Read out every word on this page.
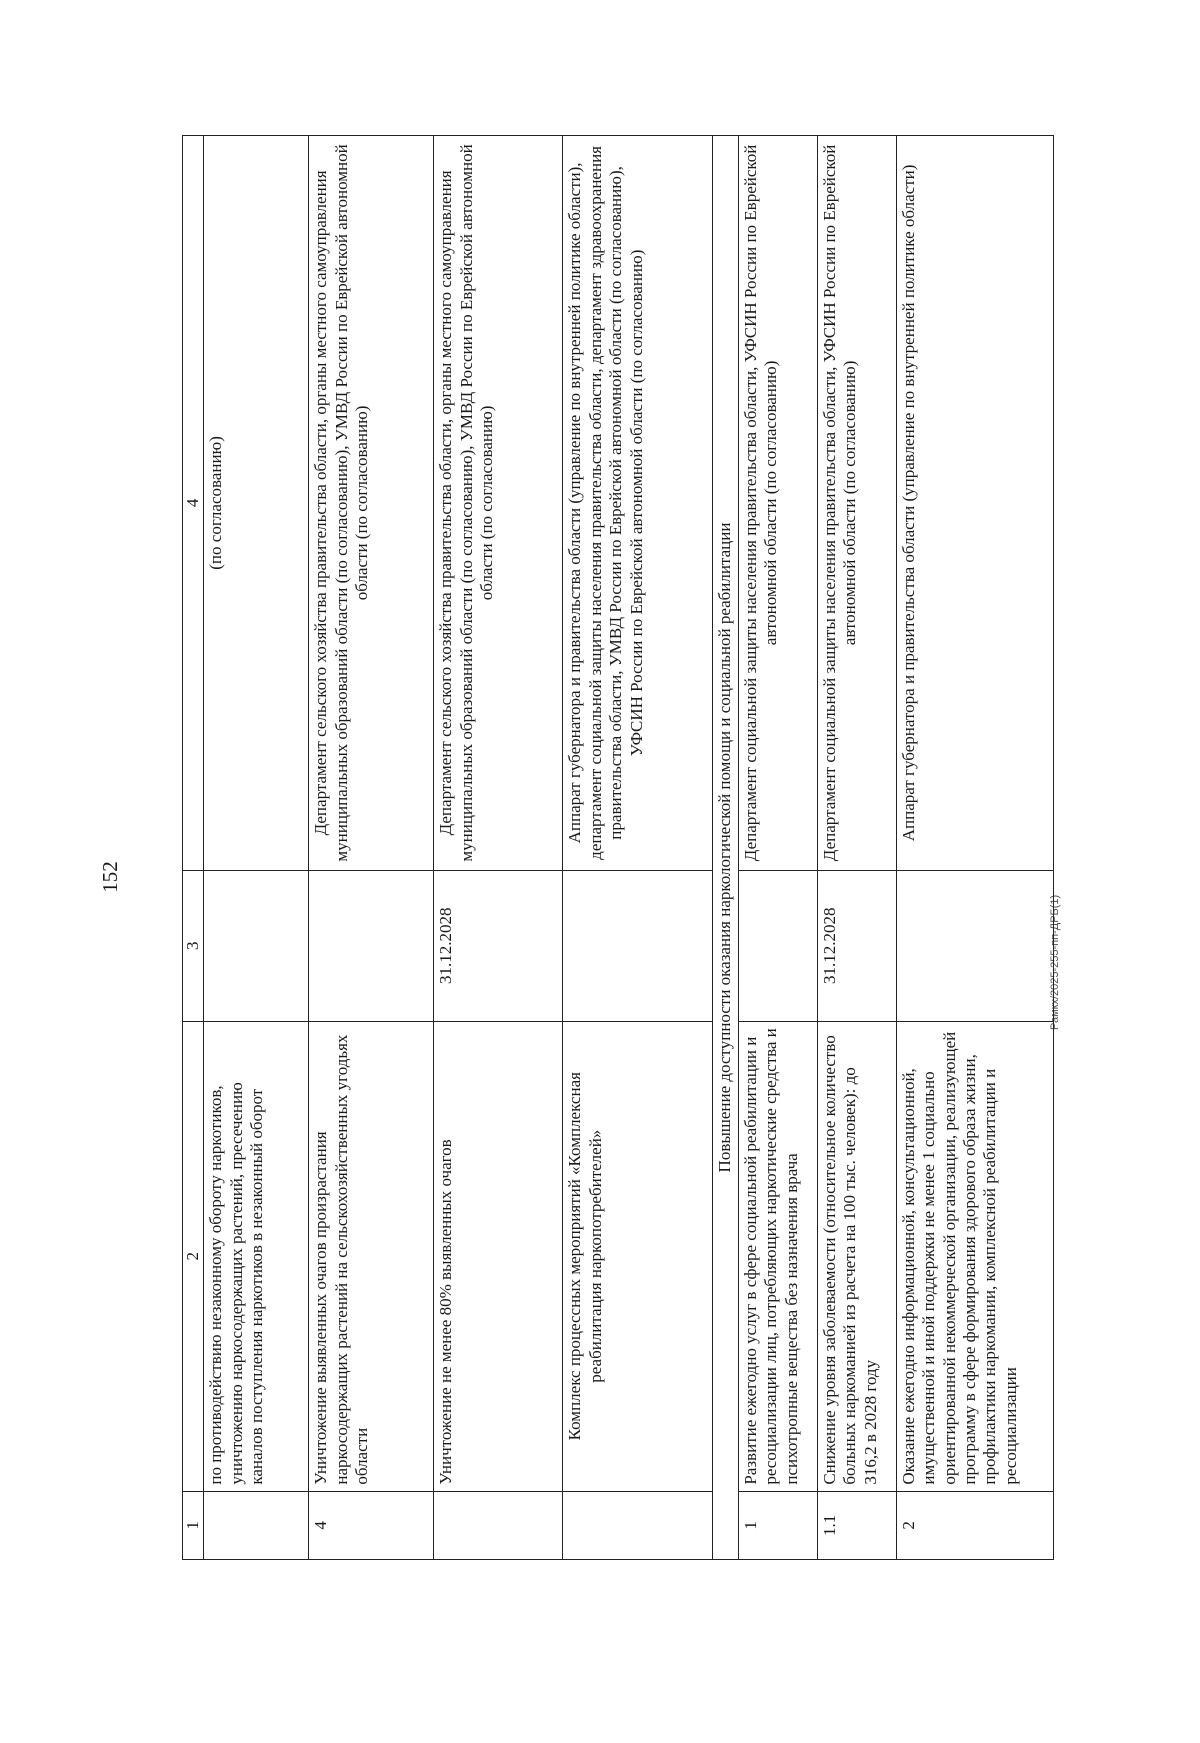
152
Рамкх/2025-255-пп-ДРБ(1)
1	2	3	4
	по противодействию незаконному обороту наркотиков, уничтожению наркосодержащих растений, пресечению каналов поступления наркотиков в незаконный оборот		(по согласованию)
4	Уничтожение выявленных очагов произрастания наркосодержащих растений на сельскохозяйственных угодьях области		Департамент сельского хозяйства правительства области, органы местного самоуправления муниципальных образований области (по согласованию), УМВД России по Еврейской автономной области (по согласованию)
	Уничтожение не менее 80% выявленных очагов	31.12.2028	Департамент сельского хозяйства правительства области, органы местного самоуправления муниципальных образований области (по согласованию), УМВД России по Еврейской автономной области (по согласованию)
	Комплекс процессных мероприятий «Комплексная реабилитация наркопотребителей»		Аппарат губернатора и правительства области (управление по внутренней политике области), департамент социальной защиты населения правительства области, департамент здравоохранения правительства области, УМВД России по Еврейской автономной области (по согласованию), УФСИН России по Еврейской автономной области (по согласованию)
Повышение доступности оказания наркологической помощи и социальной реабилитации			
1	Развитие ежегодно услуг в сфере социальной реабилитации и ресоциализации лиц, потребляющих наркотические средства и психотропные вещества без назначения врача		Департамент социальной защиты населения правительства области, УФСИН России по Еврейской автономной области (по согласованию)
1.1	Снижение уровня заболеваемости (относительное количество больных наркоманией из расчета на 100 тыс. человек): до 316,2 в 2028 году	31.12.2028	Департамент социальной защиты населения правительства области, УФСИН России по Еврейской автономной области (по согласованию)
2	Оказание ежегодно информационной, консультационной, имущественной и иной поддержки не менее 1 социально ориентированной некоммерческой организации, реализующей программу в сфере формирования здорового образа жизни, профилактики наркомании, комплексной реабилитации и ресоциализации		Аппарат губернатора и правительства области (управление по внутренней политике области)
